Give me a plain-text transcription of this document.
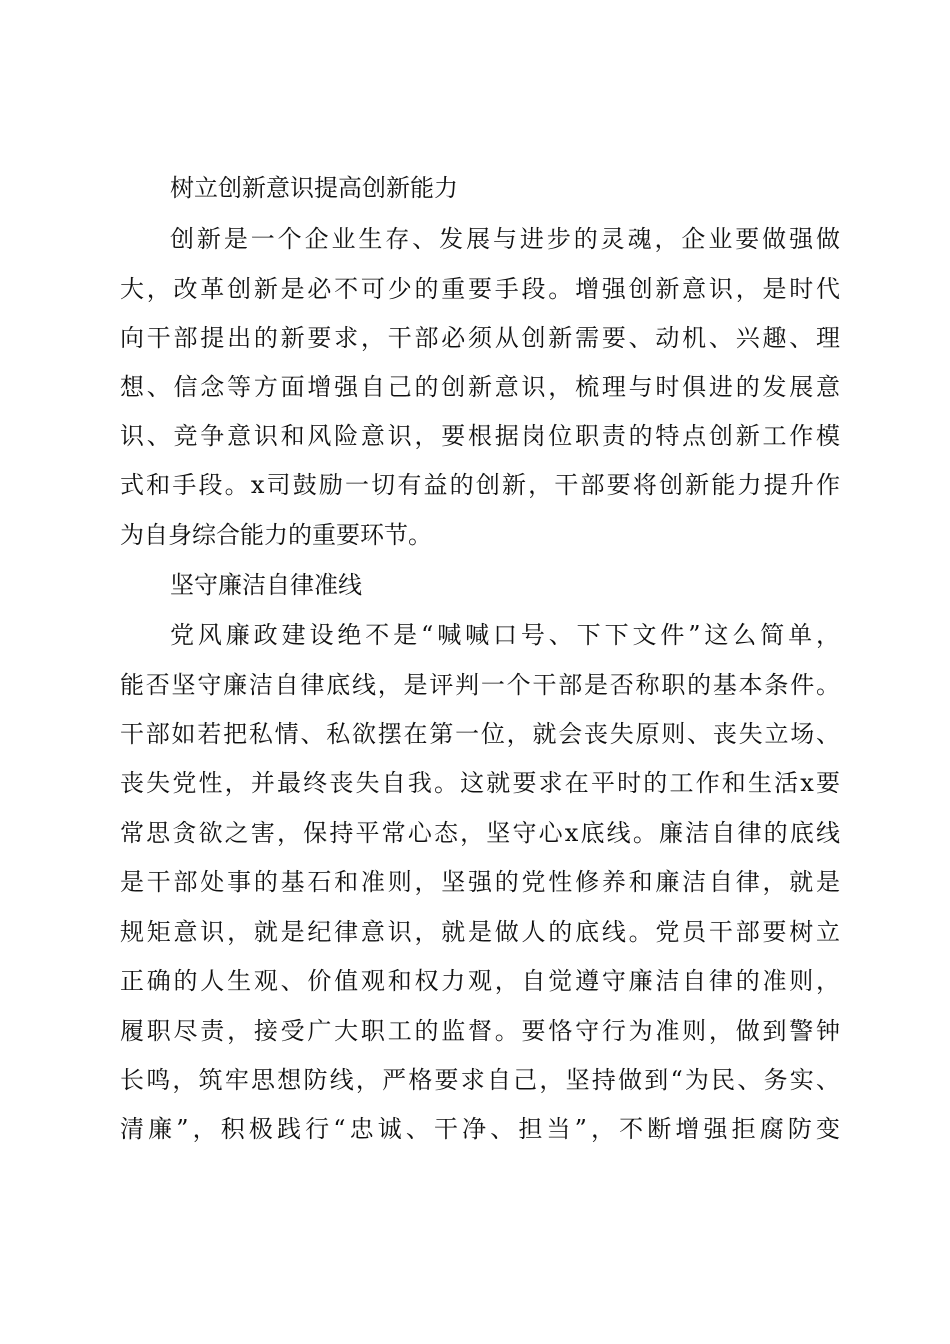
树立创新意识提高创新能力
创新是一个企业生存、发展与进步的灵魂，企业要做强做
大，改革创新是必不可少的重要手段。增强创新意识，是时代
向干部提出的新要求，干部必须从创新需要、动机、兴趣、理
想、信念等方面增强自己的创新意识，梳理与时俱进的发展意
识、竞争意识和风险意识，要根据岗位职责的特点创新工作模
式和手段。x司鼓励一切有益的创新，干部要将创新能力提升作
为自身综合能力的重要环节。
坚守廉洁自律准线
党风廉政建设绝不是“喊喊口号、下下文件”这么简单，
能否坚守廉洁自律底线，是评判一个干部是否称职的基本条件。
干部如若把私情、私欲摆在第一位，就会丧失原则、丧失立场、
丧失党性，并最终丧失自我。这就要求在平时的工作和生活x要
常思贪欲之害，保持平常心态，坚守心x底线。廉洁自律的底线
是干部处事的基石和准则，坚强的党性修养和廉洁自律，就是
规矩意识，就是纪律意识，就是做人的底线。党员干部要树立
正确的人生观、价值观和权力观，自觉遵守廉洁自律的准则，
履职尽责，接受广大职工的监督。要恪守行为准则，做到警钟
长鸣，筑牢思想防线，严格要求自己，坚持做到“为民、务实、
清廉”，积极践行“忠诚、干净、担当”，不断增强拒腐防变
